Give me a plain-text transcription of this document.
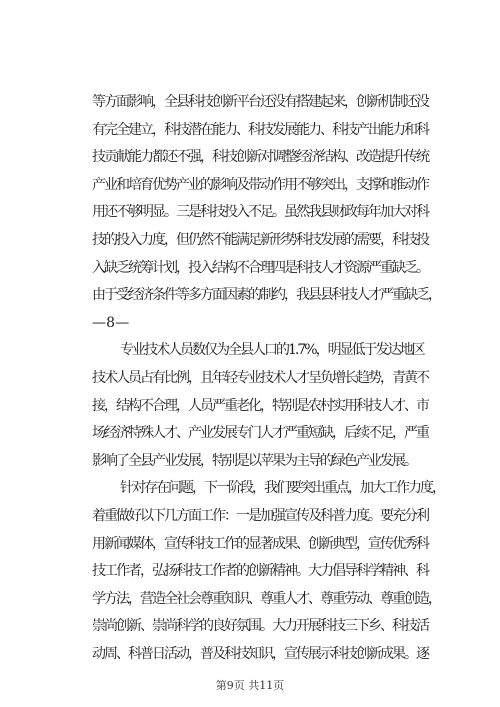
等方面影响，全县科技创新平台还没有搭建起来，创新机制还没
有完全建立，科技潜在能力、科技发展能力、科技产出能力和科
技贡献能力都还不强，科技创新对调整经济结构、改造提升传统
产业和培育优势产业的影响及带动作用不够突出，支撑和推动作
用还不够明显。三是科技投入不足。虽然我县财政每年加大对科
技的投入力度，但仍然不能满足新形势科技发展的需要，科技投
入缺乏统筹计划，投入结构不合理四是科技人才资源严重缺乏。
由于受经济条件等多方面因素的制约，我县县科技人才严重缺乏，
—8—
专业技术人员数仅为全县人口的1.7%，明显低于发达地区
技术人员占有比例，且年轻专业技术人才呈负增长趋势，青黄不
接，结构不合理，人员严重老化，特别是农村实用科技人才、市
场经济特殊人才、产业发展专门人才严重短缺，后续不足，严重
影响了全县产业发展，特别是以苹果为主导的绿色产业发展。
针对存在问题，下一阶段，我们要突出重点，加大工作力度，
着重做好以下几方面工作：一是加强宣传及科普力度。要充分利
用新闻媒体，宣传科技工作的显著成果、创新典型，宣传优秀科
技工作者，弘扬科技工作者的创新精神。大力倡导科学精神、科
学方法，营造全社会尊重知识、尊重人才、尊重劳动、尊重创造，
崇尚创新、崇尚科学的良好氛围。大力开展科技三下乡、科技活
动周、科普日活动，普及科技知识，宣传展示科技创新成果。逐
第9页 共11页
